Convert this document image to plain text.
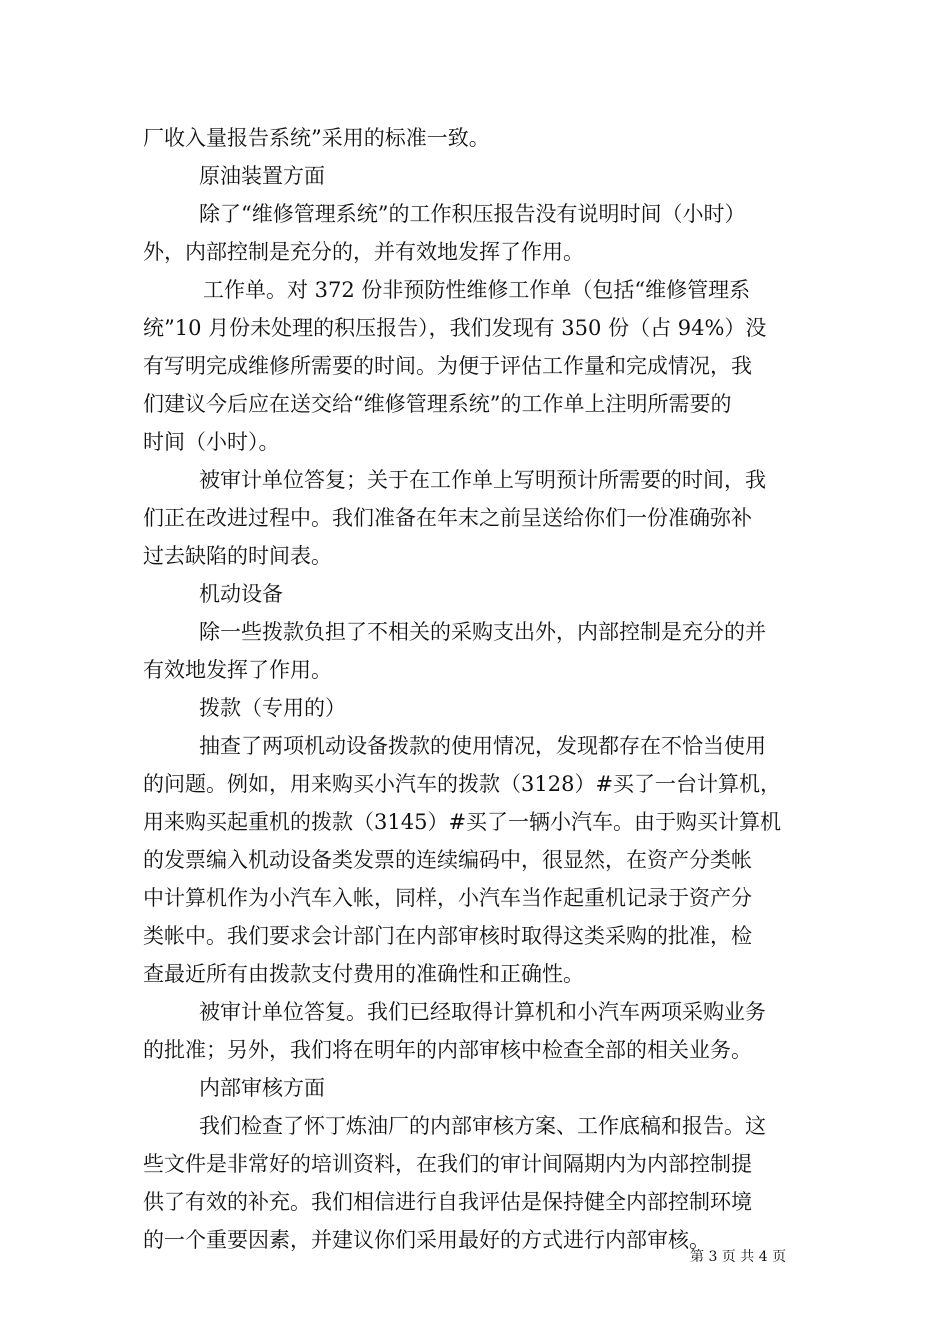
厂收入量报告系统”采用的标准一致。
原油装置方面
除了“维修管理系统”的工作积压报告没有说明时间（小时）
外，内部控制是充分的，并有效地发挥了作用。
工作单。对 372 份非预防性维修工作单（包括“维修管理系
统”10 月份未处理的积压报告），我们发现有 350 份（占 94%）没
有写明完成维修所需要的时间。为便于评估工作量和完成情况，我
们建议今后应在送交给“维修管理系统”的工作单上注明所需要的
时间（小时）。
被审计单位答复；关于在工作单上写明预计所需要的时间，我
们正在改进过程中。我们准备在年末之前呈送给你们一份准确弥补
过去缺陷的时间表。
机动设备
除一些拨款负担了不相关的采购支出外，内部控制是充分的并
有效地发挥了作用。
拨款（专用的）
抽查了两项机动设备拨款的使用情况，发现都存在不恰当使用
的问题。例如，用来购买小汽车的拨款（3128）#买了一台计算机，
用来购买起重机的拨款（3145）#买了一辆小汽车。由于购买计算机
的发票编入机动设备类发票的连续编码中，很显然，在资产分类帐
中计算机作为小汽车入帐，同样，小汽车当作起重机记录于资产分
类帐中。我们要求会计部门在内部审核时取得这类采购的批准，检
查最近所有由拨款支付费用的准确性和正确性。
被审计单位答复。我们已经取得计算机和小汽车两项采购业务
的批准；另外，我们将在明年的内部审核中检查全部的相关业务。
内部审核方面
我们检查了怀丁炼油厂的内部审核方案、工作底稿和报告。这
些文件是非常好的培训资料，在我们的审计间隔期内为内部控制提
供了有效的补充。我们相信进行自我评估是保持健全内部控制环境
的一个重要因素，并建议你们采用最好的方式进行内部审核。
第 3 页 共 4 页
